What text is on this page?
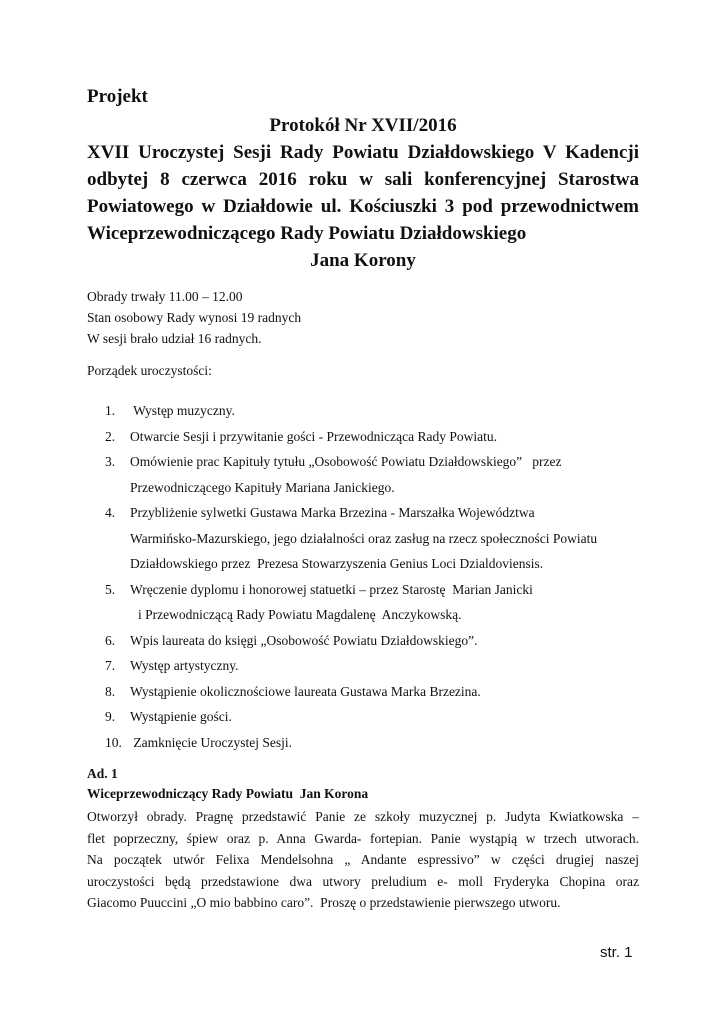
Projekt
Protokół Nr XVII/2016
XVII Uroczystej Sesji Rady Powiatu Działdowskiego V Kadencji
odbytej 8 czerwca 2016 roku w sali konferencyjnej Starostwa
Powiatowego w Działdowie ul. Kościuszki 3 pod przewodnictwem
Wiceprzewodniczącego Rady Powiatu Działdowskiego
Jana Korony
Obrady trwały 11.00 – 12.00
Stan osobowy Rady wynosi 19 radnych
W sesji brało udział 16 radnych.
Porządek uroczystości:
1. Występ muzyczny.
2. Otwarcie Sesji i przywitanie gości - Przewodnicząca Rady Powiatu.
3. Omówienie prac Kapituły tytułu „Osobowość Powiatu Działdowskiego”   przez
Przewodniczącego Kapituły Mariana Janickiego.
4. Przybliżenie sylwetki Gustawa Marka Brzezina - Marszałka Województwa
Warmińsko-Mazurskiego, jego działalności oraz zasług na rzecz społeczności Powiatu
Działdowskiego przez  Prezesa Stowarzyszenia Genius Loci Dzialdoviensis.
5. Wręczenie dyplomu i honorowej statuetki – przez Starostę  Marian Janicki
i Przewodniczącą Rady Powiatu Magdalenę  Anczykowską.
6. Wpis laureata do księgi „Osobowość Powiatu Działdowskiego”.
7. Występ artystyczny.
8. Wystąpienie okolicznościowe laureata Gustawa Marka Brzezina.
9. Wystąpienie gości.
10. Zamknięcie Uroczystej Sesji.
Ad. 1
Wiceprzewodniczący Rady Powiatu  Jan Korona
Otworzył obrady. Pragnę przedstawić Panie ze szkoły muzycznej p. Judyta Kwiatkowska –
flet poprzeczny, śpiew oraz p. Anna Gwarda- fortepian. Panie wystąpią w trzech utworach.
Na początek utwór Felixa Mendelsohna „ Andante espressivo” w części drugiej naszej
uroczystości będą przedstawione dwa utwory preludium e- moll Fryderyka Chopina oraz
Giacomo Puuccini „O mio babbino caro”.  Proszę o przedstawienie pierwszego utworu.
str. 1
